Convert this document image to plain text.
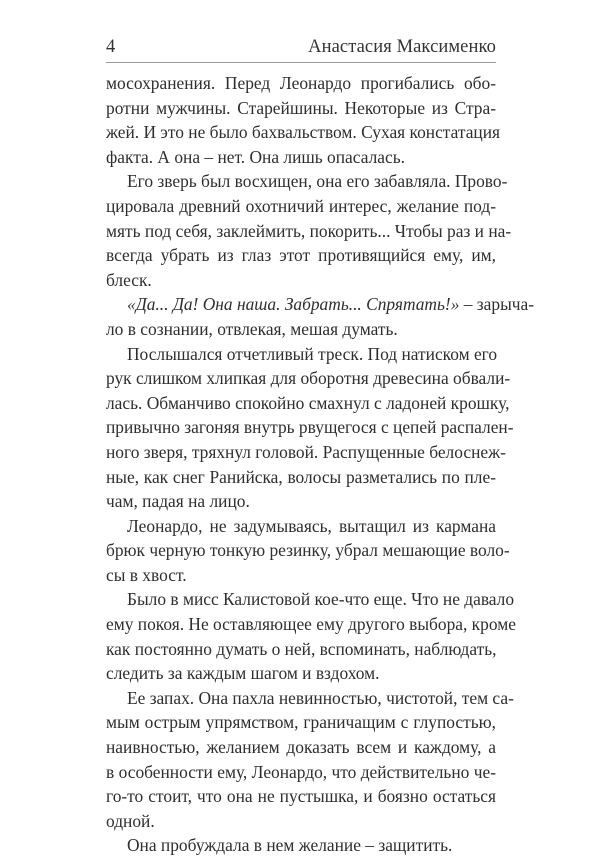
4	Анастасия Максименко
мосохранения. Перед Леонардо прогибались обо-
ротни мужчины. Старейшины. Некоторые из Стра-
жей. И это не было бахвальством. Сухая констатация
факта. А она – нет. Она лишь опасалась.
Его зверь был восхищен, она его забавляла. Прово-
цировала древний охотничий интерес, желание под-
мять под себя, заклеймить, покорить... Чтобы раз и на-
всегда убрать из глаз этот противящийся ему, им,
блеск.
«Да... Да! Она наша. Забрать... Спрятать!» – зарыча-
ло в сознании, отвлекая, мешая думать.
Послышался отчетливый треск. Под натиском его
рук слишком хлипкая для оборотня древесина обвали-
лась. Обманчиво спокойно смахнул с ладоней крошку,
привычно загоняя внутрь рвущегося с цепей распален-
ного зверя, тряхнул головой. Распущенные белоснеж-
ные, как снег Ранийска, волосы разметались по пле-
чам, падая на лицо.
Леонардо, не задумываясь, вытащил из кармана
брюк черную тонкую резинку, убрал мешающие воло-
сы в хвост.
Было в мисс Калистовой кое-что еще. Что не давало
ему покоя. Не оставляющее ему другого выбора, кроме
как постоянно думать о ней, вспоминать, наблюдать,
следить за каждым шагом и вздохом.
Ее запах. Она пахла невинностью, чистотой, тем са-
мым острым упрямством, граничащим с глупостью,
наивностью, желанием доказать всем и каждому, а
в особенности ему, Леонардо, что действительно че-
го-то стоит, что она не пустышка, и боязно остаться
одной.
Она пробуждала в нем желание – защитить.
